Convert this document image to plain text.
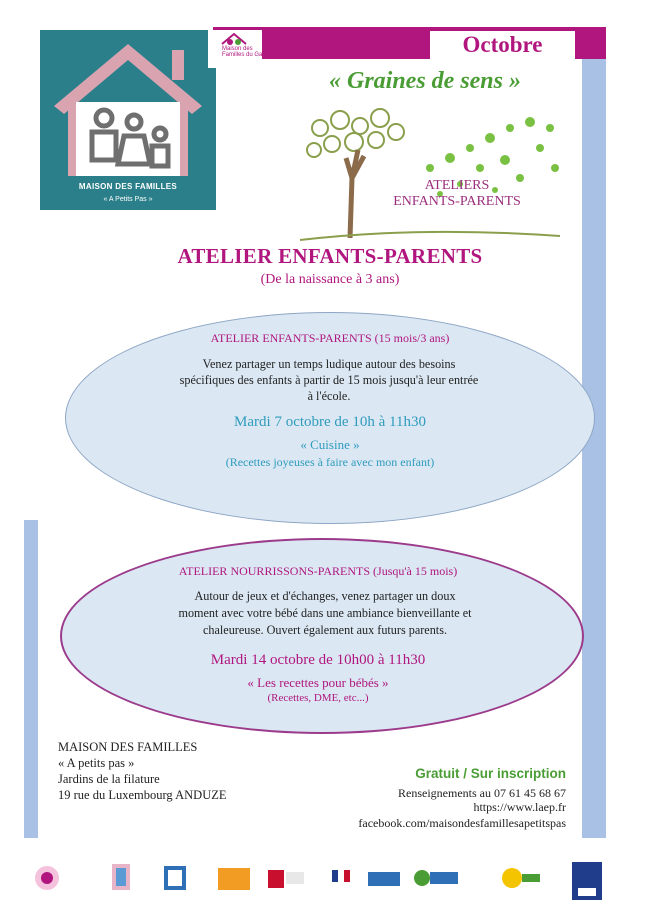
Octobre
MAISON DES FAMILLES
« A Petits Pas »
Maison des Familles du Gard
« Graines de sens »
ATELIERS
ENFANTS-PARENTS
ATELIER ENFANTS-PARENTS
(De la naissance à 3 ans)
ATELIER ENFANTS-PARENTS (15 mois/3 ans)
Venez partager un temps ludique autour des besoins
spécifiques des enfants à partir de 15 mois jusqu'à leur entrée
à l'école.
Mardi 7 octobre de 10h à 11h30
« Cuisine »
(Recettes joyeuses à faire avec mon enfant)
ATELIER NOURRISSONS-PARENTS (Jusqu'à 15 mois)
Autour de jeux et d'échanges, venez partager un doux
moment avec votre bébé dans une ambiance bienveillante et
chaleureuse. Ouvert également aux futurs parents.
Mardi 14 octobre de 10h00 à 11h30
« Les recettes pour bébés »
(Recettes, DME, etc...)
MAISON DES FAMILLES
« A petits pas »
Jardins de la filature
19 rue du Luxembourg ANDUZE
Gratuit / Sur inscription
Renseignements au 07 61 45 68 67
https://www.laep.fr
facebook.com/maisondesfamillesapetitspas
